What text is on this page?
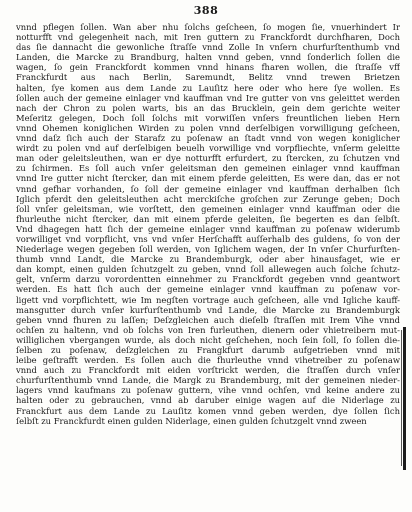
388
vnnd pflegen ſollen. Wan aber nhu ſolchs geſcheen, ſo mogen ſie, vnuerhindert Ir
notturfft vnd gelegenheit nach, mit Iren guttern zu Franckfordt durchfharen, Doch
das ſie dannacht die gewonliche ſtraſſe vnnd Zolle In vnſern churfurſtenthumb vnd
Landen, die Marcke zu Brandburg, halten vnnd geben, vnnd ſonderlich ſollen die
wagen, ſo gein Franckfordt kommen vnnd hinans fharen wollen, die ſtraſſe vff
Franckfurdt aus nach Berlin, Saremundt, Belitz vnnd trewen Brietzen
halten, ſye komen aus dem Lande zu Lauſitz here oder who here ſye wollen. Es
ſollen auch der gemeine einlager vnd kauffman vnd Ire gutter von vns geleittet werden
nach der Chron zu polen warts, bis an das Brucklein, gein dem gerichte weiter
Meſeritz gelegen, Doch ſoll ſolchs mit vorwiſſen vnſers freuntlichen lieben Hern
vnnd Ohemen koniglichen Wirden zu polen vnnd derſelbigen vorwilligung geſcheen,
vnnd daſz ſich auch der Starafz zu poſenaw an ſtadt vnnd von wegen koniglicher
wirdt zu polen vnd auf derſelbigen beuelh vorwillige vnd vorpfliechte, vnſerm geleitte
man oder geleitsleuthen, wan er dye notturfft erfurdert, zu ſtercken, zu ſchutzen vnd
zu ſchirmen. Es ſoll auch vnſer geleitsman den gemeinen einlager vnnd kauffman
vnnd Ire gutter nicht ſtercker, dan mit einem pferde geleitten, Es were dan, das er not
vnnd gefhar vorhanden, ſo ſoll der gemeine einlager vnd kauffman derhalben ſich
Iglich pferdt den geleitsleuthen acht merckiſche groſchen zur Zerunge geben; Doch
ſoll vnſer geleitsman, wie vorſtett, den gemeinen einlager vnnd kauffman oder die
fhurleuthe nicht ſtercker, dan mit einem pferde geleiten, ſie begerten es dan ſelbſt.
Vnd dhagegen hatt ſich der gemeine einlager vnnd kauffman zu poſenaw widerumb
vorwilliget vnd vorpflicht, vns vnd vnſer Herſchafft auſſerhalb des guldens, ſo von der
Niederlage wegen gegeben ſoll werden, von Iglichem wagen, der In vnſer Churfurſten-
thumb vnnd Landt, die Marcke zu Brandemburgk, oder aber hinausfaget, wie er
dan kompt, einen gulden ſchutzgelt zu geben, vnnd ſoll allewegen auch ſolche ſchutz-
gelt, vnſerm darzu vorordentten einnehmer zu Franckfordt gegeben vnnd geantwort
werden. Es hatt ſich auch der gemeine einlager vnnd kauffman zu poſenaw vor-
ligett vnd vorpflichtett, wie Im negſten vortrage auch geſcheen, alle vnd Igliche kauff-
mansgutter durch vnſer kurfurſtenthumb vnd Lande, die Marcke zu Brandemburgk
geben vnnd fhuren zu laſſen; Deſzgleichen auch dieſelb ſtraſſen mit Irem Vihe vnnd
ochſen zu haltenn, vnd ob ſolchs von Iren furleuthen, dienern oder vhietreibern mut-
williglichen vbergangen wurde, als doch nicht geſchehen, noch ſein ſoll, ſo ſollen die-
ſelben zu poſenaw, deſzgleichen zu Frangkfurt darumb aufgetrieben vnnd mit
leibe geſtrafft werden. Es ſollen auch die fhurleuthe vnnd vihetreiber zu poſenaw
vnnd auch zu Franckfordt mit eiden vorſtrickt werden, die ſtraſſen durch vnſer
churfurſtenthumb vnnd Lande, die Margk zu Brandemburg, mit der gemeinen nieder-
lagers vnnd kaufmans zu poſenaw guttern, vihe vnnd ochſen, vnd keine andere zu
halten oder zu gebrauchen, vnnd ab daruber einige wagen auf die Niderlage zu
Franckfurt aus dem Lande zu Lauſitz komen vnnd geben werden, dye ſollen ſich
ſelbſt zu Franckfurdt einen gulden Niderlage, einen gulden ſchutzgelt vnnd zween
